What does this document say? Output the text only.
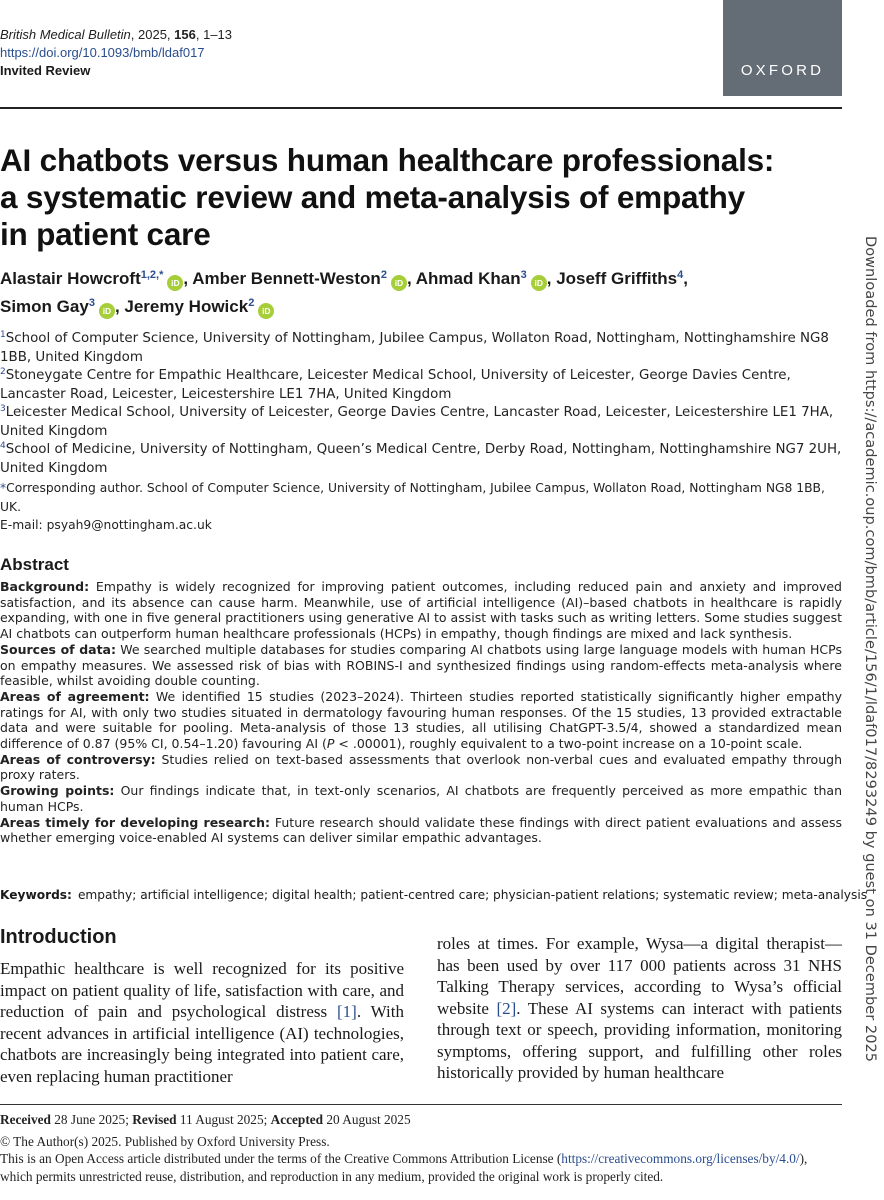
British Medical Bulletin, 2025, 156, 1–13
https://doi.org/10.1093/bmb/ldaf017
Invited Review	OXFORD
AI chatbots versus human healthcare professionals:
a systematic review and meta-analysis of empathy
in patient care
Alastair Howcroft$^{1,2,*}$iD , Amber Bennett-Weston$^2$iD , Ahmad Khan$^3$iD , Joseff Griffiths$^4$,
Simon Gay$^3$iD , Jeremy Howick$^2$iD
$^1$School of Computer Science, University of Nottingham, Jubilee Campus, Wollaton Road, Nottingham, Nottinghamshire NG8
1BB, United Kingdom
$^2$Stoneygate Centre for Empathic Healthcare, Leicester Medical School, University of Leicester, George Davies Centre,
Lancaster Road, Leicester, Leicestershire LE1 7HA, United Kingdom
$^3$Leicester Medical School, University of Leicester, George Davies Centre, Lancaster Road, Leicester, Leicestershire LE1 7HA,
United Kingdom
$^4$School of Medicine, University of Nottingham, Queen’s Medical Centre, Derby Road, Nottingham, Nottinghamshire NG7 2UH,
United Kingdom
*Corresponding author. School of Computer Science, University of Nottingham, Jubilee Campus, Wollaton Road, Nottingham NG8 1BB, UK.
E-mail: psyah9@nottingham.ac.uk
Abstract

Background: Empathy is widely recognized for improving patient outcomes, including reduced pain and anxiety and improved satisfaction, and its absence can cause harm. Meanwhile, use of artificial intelligence (AI)–based chatbots in healthcare is rapidly expanding, with one in five general practitioners using generative AI to assist with tasks such as writing letters. Some studies suggest AI chatbots can outperform human healthcare professionals (HCPs) in empathy, though findings are mixed and lack synthesis.

Sources of data: We searched multiple databases for studies comparing AI chatbots using large language models with human HCPs on empathy measures. We assessed risk of bias with ROBINS-I and synthesized findings using random-effects meta-analysis where feasible, whilst avoiding double counting.

Areas of agreement: We identified 15 studies (2023–2024). Thirteen studies reported statistically significantly higher empathy ratings for AI, with only two studies situated in dermatology favouring human responses. Of the 15 studies, 13 provided extractable data and were suitable for pooling. Meta-analysis of those 13 studies, all utilising ChatGPT-3.5/4, showed a standardized mean difference of 0.87 (95% CI, 0.54–1.20) favouring AI (P < .00001), roughly equivalent to a two-point increase on a 10-point scale.

Areas of controversy: Studies relied on text-based assessments that overlook non-verbal cues and evaluated empathy through proxy raters.

Growing points: Our findings indicate that, in text-only scenarios, AI chatbots are frequently perceived as more empathic than human HCPs.

Areas timely for developing research: Future research should validate these findings with direct patient evaluations and assess whether emerging voice-enabled AI systems can deliver similar empathic advantages.

Keywords: empathy; artificial intelligence; digital health; patient-centred care; physician-patient relations; systematic review; meta-analysis
Introduction

Empathic healthcare is well recognized for its positive impact on patient quality of life, satisfaction with care, and reduction of pain and psychological distress [1]. With recent advances in artificial intelligence (AI) technologies, chatbots are increasingly being integrated into patient care, even replacing human practitioner

roles at times. For example, Wysa—a digital therapist—has been used by over 117 000 patients across 31 NHS Talking Therapy services, according to Wysa’s official website [2]. These AI systems can interact with patients through text or speech, providing information, monitoring symptoms, offering support, and fulfilling other roles historically provided by human healthcare

Received 28 June 2025; Revised 11 August 2025; Accepted 20 August 2025
© The Author(s) 2025. Published by Oxford University Press.
This is an Open Access article distributed under the terms of the Creative Commons Attribution License (https://creativecommons.org/licenses/by/4.0/), which permits unrestricted reuse, distribution, and reproduction in any medium, provided the original work is properly cited.
Downloaded from https://academic.oup.com/bmb/article/156/1/ldaf017/8293249 by guest on 31 December 2025
